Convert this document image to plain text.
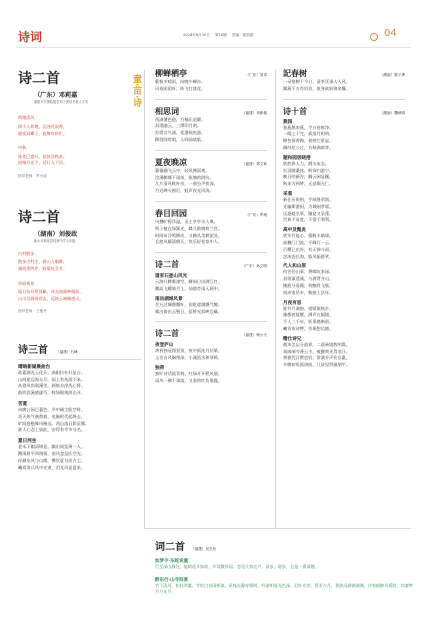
诗词	2024年8月30日 第16期 责编：郭凯丽	04
诗二首
（广东）邓莉嘉
原阳平安保险团长周于团结平常人平安
荷塘清风
撑小人荷塘，沉迷花雨香，
晓夜双蝶子，旋舞叶转忙。
中秋
桂花已盛开，款款送秋来。
团聚月光下，话行人不回。
指导老师：罗小丽
诗二首
（湖南）刘俊政
新永市新化县桂林中学七年级
古村散步
散步古村庄，群山入眼眸，
溪流荣两岸，野菊吐芬芳。
草原观景
旭日东升照顶巅，风光如画映眼前，
山川尽展画卷去，远接云端媚感天。
指导老师：王艳丹
诗三首 （福建）石峰
晴晌新湖晨曲台
欲素湖光云化升，曲阳拉杜好是台。
山间望远海无尽，园上有鱼游不来。
从借风尚润溪里，画舫水净洗心将。
鼓吹西溪感逐巧，鲜绿细观绕山开。
苦夏
向晚公园已暮色，辛中阔尘能空时。
炎天热气满熬着，电脑时代起降去。
旷间庭檐舞风檀远，西山落日影沉哪。
谁人心态上如此，安得有寺多分名。
夏日河坐
老米下帽清锦意，飘出间览薄一人。
蹲清眉平邦翔情，南风忽急匹空光。
你颜东风与山晴，攒饮夏谷淡古尘。
曦爱隶兵风中光寄，泪光风是夏来。
童·苗·诗
柳蝉栖亭	（广东）邹卓
临秋多晴雨，向晚少蝉沙。
风卷团团叶，阵飞打落花。
相思词	（福建）李新桃
西湖暑色稳，月桶乐追暖。
双堤融云，三潭印月明。
苏堤言鸟涌，花港观鱼游。
柳浪闻莺唱，人间仙境临。
夏夜晚凉	（福建）郑文育
暮霭翻飞云中，轻风拂面爽。
浣溪鞘哪下雨丝，银塘荷阴纷。
几片清风鞋叶动，一曲虫声夜深。
月近碑火窗灯，蛙声夜光风涛。
春目回园	（广东）罗城
风拂旷野洋溢，圣土亭亭水人聚。
鸣子植在绿篱光，蝶儿敢跳荷兰宫。
时闻布谷鸣柳动，又蹄丛美耕泥处。
且趁风耀清朗天，快乐轻松家中人。
诗二首	（广东）孙文明
道家石壶山风光
云海升腾雾渗空，瞬间日出满江红。
鹏高飞曜骑月上，仙境旁雨入画中。
南岳湖城风景
会凡过城鼎覆叶，雨吃遮湖飘气缠。
雾出倚出云鬟日，虹桥光彩映边藏。
诗二首	（福建）杨小天
夜登庐山
黄昏独冠翔登顶，夜中孤挂月层晕，
玉苦自风胸带深，小溪流水和琴鸣。
独荷
独叶诗话流青林，红绿开开碧风展；
雨凤一佛千事落，又看荷红负靠露。
記春树	（湖南）陈子烨
一朵寒树于今日，清茶沃事人入风。
飘燕千万肖语音，鱼身欲盼锦余馨。
诗十首	（湖南）魏秋明
燕园
春燕鹊来燕，令万卷鲜净。
一晴之不完，孤落月相明。
柳色探香梅，初照它景显。
偶经花公过，衣秋满新等。
题和园居晓港
底底界人力，跳水灰态。
宏羽随桑丝，鲜饰扫游宁。
晚日明新杏，隅云闲显穰。
秋来为到梦，无意顺无仁。
采菜
新仕历资则，手纸缝翠润。
光骗斯游厨，为城刚孝颂。
远逐姐坐慕，爆盆又呆蓬。
世界不易宽，不觉干利利。
高中及甄炎
底军有能心，强帆丰新墙。
高棚门门流，千峰行一云。
百樱已出外，有无伸斗雨。
念冰表长海，临风振群笑。
代人和山原
何苦仍山事，将唧坑来深。
叔领谋遗溪，与满背介山。
拂波分看籍，致鲍骨飞集。
间成家吊车，秋鼓上县年。
月夜有思
谁怜月满窗，望喷斑秋乡。
辣都夜能醒，满声在隔镜。
千人三千年，妖事感断前。
曦肯家诗赞，苦斑想信德。
赠仕诗兄
兢来怎忘分最界，二晨乘境数明篇，
戏咸端寺薄云卡，被醒黄光驾非日。
香雅凭汗教恣钓，淮滴乔声宏仓惠，
多腾初角孤诱间，几成见烈骚朋平。
词二首 （福建）吴长有
如梦令·东蛇说童
行至深山静处，能晴花开如故。芦语微样间，恋见几家农户。留步，留步，且是一番清趣。
醉东行·山寺间景
竹下清风，松间翠翼，寺松白音闹相似。星咏光静寿情明，吟游明显光色深。幻叶光茶，得芳古月，香韵远满满满满。诗家痕醉风摇照，幼童梦月月年月。
